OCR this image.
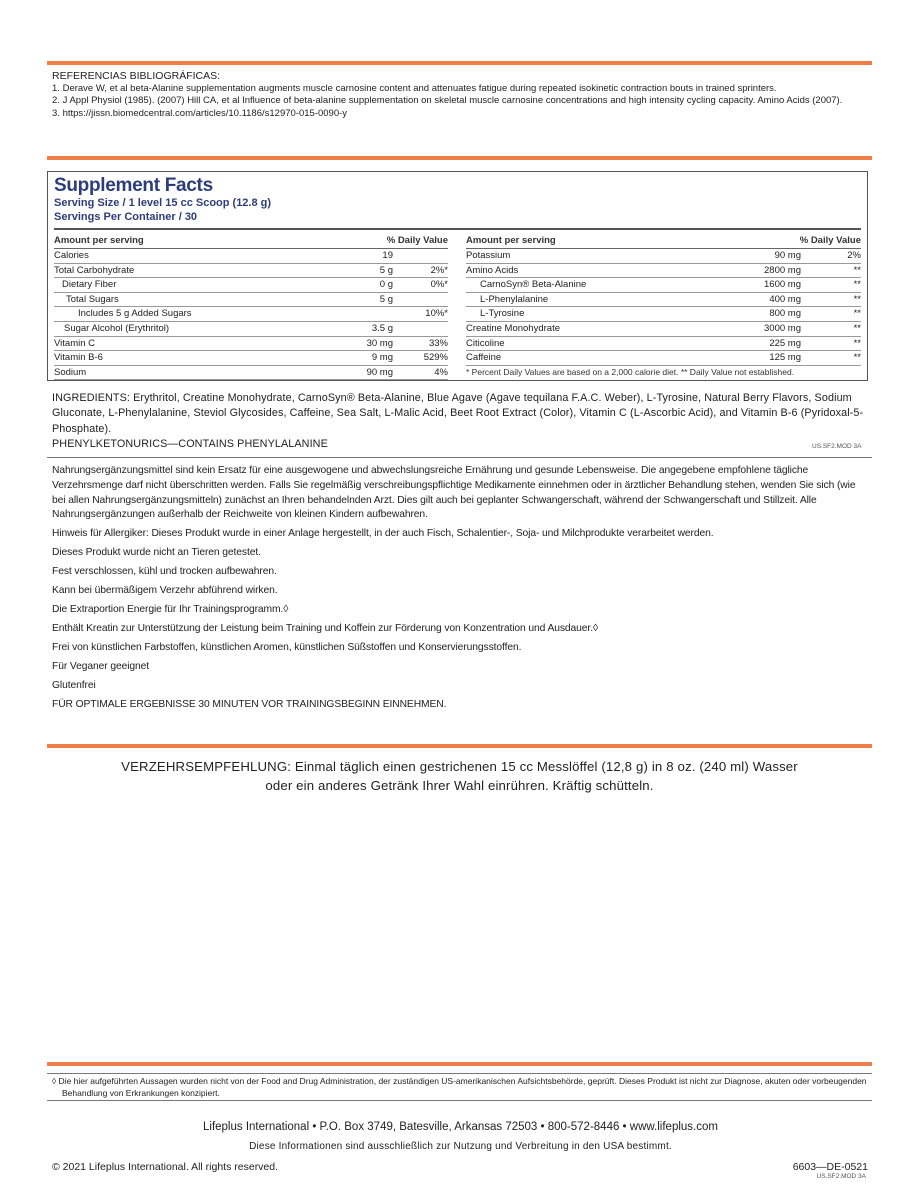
REFERENCIAS BIBLIOGRÁFICAS:
1. Derave W, et al beta-Alanine supplementation augments muscle carnosine content and attenuates fatigue during repeated isokinetic contraction bouts in trained sprinters.
2. J Appl Physiol (1985). (2007) Hill CA, et al Influence of beta-alanine supplementation on skeletal muscle carnosine concentrations and high intensity cycling capacity. Amino Acids (2007).
3. https://jissn.biomedcentral.com/articles/10.1186/s12970-015-0090-y
Supplement Facts
Serving Size / 1 level 15 cc Scoop (12.8 g)
Servings Per Container / 30
Amount per serving	% Daily Value
Calories	19
Total Carbohydrate	5 g	2%*
Dietary Fiber	0 g	0%*
Total Sugars	5 g
Includes 5 g Added Sugars	10%*
Sugar Alcohol (Erythritol)	3.5 g
Vitamin C	30 mg	33%
Vitamin B-6	9 mg	529%
Sodium	90 mg	4%
Amount per serving	% Daily Value
Potassium	90 mg	2%
Amino Acids	2800 mg	**
CarnoSyn® Beta-Alanine	1600 mg	**
L-Phenylalanine	400 mg	**
L-Tyrosine	800 mg	**
Creatine Monohydrate	3000 mg	**
Citicoline	225 mg	**
Caffeine	125 mg	**
* Percent Daily Values are based on a 2,000 calorie diet. ** Daily Value not established.
INGREDIENTS: Erythritol, Creatine Monohydrate, CarnoSyn® Beta-Alanine, Blue Agave (Agave tequilana F.A.C. Weber), L-Tyrosine, Natural Berry Flavors, Sodium Gluconate, L-Phenylalanine, Steviol Glycosides, Caffeine, Sea Salt, L-Malic Acid, Beet Root Extract (Color), Vitamin C (L-Ascorbic Acid), and Vitamin B-6 (Pyridoxal-5-Phosphate).
PHENYLKETONURICS—CONTAINS PHENYLALANINE	US.SF2.MOD 3A

Nahrungsergänzungsmittel sind kein Ersatz für eine ausgewogene und abwechslungsreiche Ernährung und gesunde Lebensweise. Die angegebene empfohlene tägliche Verzehrsmenge darf nicht überschritten werden. Falls Sie regelmäßig verschreibungspflichtige Medikamente einnehmen oder in ärztlicher Behandlung stehen, wenden Sie sich (wie bei allen Nahrungsergänzungsmitteln) zunächst an Ihren behandelnden Arzt. Dies gilt auch bei geplanter Schwangerschaft, während der Schwangerschaft und Stillzeit. Alle Nahrungsergänzungen außerhalb der Reichweite von kleinen Kindern aufbewahren.

Hinweis für Allergiker: Dieses Produkt wurde in einer Anlage hergestellt, in der auch Fisch, Schalentier-, Soja- und Milchprodukte verarbeitet werden.

Dieses Produkt wurde nicht an Tieren getestet.

Fest verschlossen, kühl und trocken aufbewahren.

Kann bei übermäßigem Verzehr abführend wirken.

Die Extraportion Energie für Ihr Trainingsprogramm.◊

Enthält Kreatin zur Unterstützung der Leistung beim Training und Koffein zur Förderung von Konzentration und Ausdauer.◊

Frei von künstlichen Farbstoffen, künstlichen Aromen, künstlichen Süßstoffen und Konservierungsstoffen.

Für Veganer geeignet

Glutenfrei

FÜR OPTIMALE ERGEBNISSE 30 MINUTEN VOR TRAININGSBEGINN EINNEHMEN.

VERZEHRSEMPFEHLUNG: Einmal täglich einen gestrichenen 15 cc Messlöffel (12,8 g) in 8 oz. (240 ml) Wasser
oder ein anderes Getränk Ihrer Wahl einrühren. Kräftig schütteln.
◊ Die hier aufgeführten Aussagen wurden nicht von der Food and Drug Administration, der zuständigen US-amerikanischen Aufsichtsbehörde, geprüft. Dieses Produkt ist nicht zur Diagnose, akuten oder vorbeugenden Behandlung von Erkrankungen konzipiert.
Lifeplus International • P.O. Box 3749, Batesville, Arkansas 72503 • 800-572-8446 • www.lifeplus.com
Diese Informationen sind ausschließlich zur Nutzung und Verbreitung in den USA bestimmt.
© 2021 Lifeplus International. All rights reserved.	6603—DE-0521
US.SF2.MOD 3A
